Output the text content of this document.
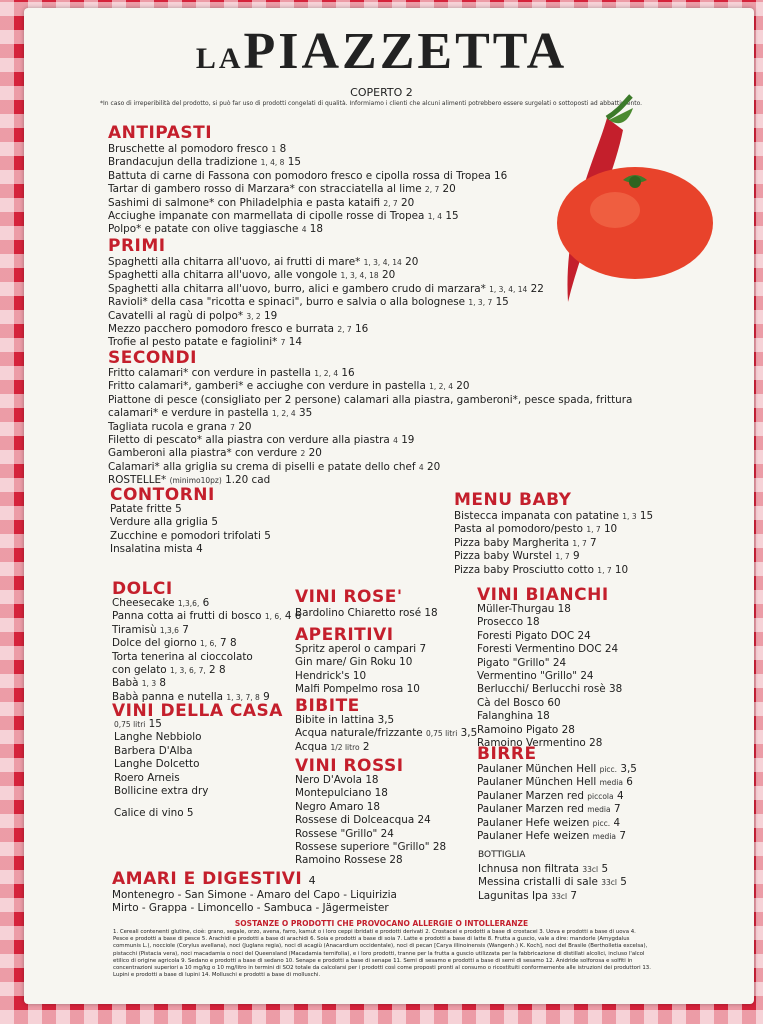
LAPIAZZETTA
COPERTO 2
*In caso di irreperibilità del prodotto, si può far uso di prodotti congelati di qualità. Informiamo i clienti che alcuni alimenti potrebbero essere surgelati o sottoposti ad abbattimento.
ANTIPASTI
Bruschette al pomodoro fresco 1 8
Brandacujun della tradizione 1, 4, 8 15
Battuta di carne di Fassona con pomodoro fresco e cipolla rossa di Tropea 16
Tartar di gambero rosso di Marzara* con stracciatella al lime 2, 7 20
Sashimi di salmone* con Philadelphia e pasta kataifi 2, 7 20
Acciughe impanate con marmellata di cipolle rosse di Tropea 1, 4 15
Polpo* e patate con olive taggiasche 4 18
PRIMI
Spaghetti alla chitarra all'uovo, ai frutti di mare* 1, 3, 4, 14 20
Spaghetti alla chitarra all'uovo, alle vongole 1, 3, 4, 18 20
Spaghetti alla chitarra all'uovo, burro, alici e gambero crudo di marzara* 1, 3, 4, 14 22
Ravioli* della casa "ricotta e spinaci", burro e salvia o alla bolognese 1, 3, 7 15
Cavatelli al ragù di polpo* 3, 2 19
Mezzo pacchero pomodoro fresco e burrata 2, 7 16
Trofie al pesto patate e fagiolini* 7 14
SECONDI
Fritto calamari* con verdure in pastella 1, 2, 4 16
Fritto calamari*, gamberi* e acciughe con verdure in pastella 1, 2, 4 20
Piattone di pesce (consigliato per 2 persone) calamari alla piastra, gamberoni*, pesce spada, frittura
calamari* e verdure in pastella 1, 2, 4 35
Tagliata rucola e grana 7 20
Filetto di pescato* alla piastra con verdure alla piastra 4 19
Gamberoni alla piastra* con verdure 2 20
Calamari* alla griglia su crema di piselli e patate dello chef 4 20
ROSTELLE* (minimo10pz) 1.20 cad
CONTORNI
Patate fritte 5
Verdure alla griglia 5
Zucchine e pomodori trifolati 5
Insalatina mista 4
MENU BABY
Bistecca impanata con patatine 1, 3 15
Pasta al pomodoro/pesto 1, 7 10
Pizza baby Margherita 1, 7 7
Pizza baby Wurstel 1, 7 9
Pizza baby Prosciutto cotto 1, 7 10
DOLCI
Cheesecake 1,3,6, 6
Panna cotta ai frutti di bosco 1, 6, 4 6
Tiramisù 1,3,6 7
Dolce del giorno 1, 6, 7 8
Torta tenerina al cioccolato
con gelato 1, 3, 6, 7, 2 8
Babà 1, 3 8
Babà panna e nutella 1, 3, 7, 8 9
VINI DELLA CASA
0,75 litri 15
Langhe Nebbiolo
Barbera D'Alba
Langhe Dolcetto
Roero Arneis
Bollicine extra dry
Calice di vino 5
VINI ROSE'
Bardolino Chiaretto rosé 18
APERITIVI
Spritz aperol o campari 7
Gin mare/ Gin Roku 10
Hendrick's 10
Malfi Pompelmo rosa 10
BIBITE
Bibite in lattina 3,5
Acqua naturale/frizzante 0,75 litri 3,5
Acqua 1/2 litro 2
VINI ROSSI
Nero D'Avola 18
Montepulciano 18
Negro Amaro 18
Rossese di Dolceacqua 24
Rossese "Grillo" 24
Rossese superiore "Grillo" 28
Ramoino Rossese 28
VINI BIANCHI
Müller-Thurgau 18
Prosecco 18
Foresti Pigato DOC 24
Foresti Vermentino DOC 24
Pigato "Grillo" 24
Vermentino "Grillo" 24
Berlucchi/ Berlucchi rosè 38
Cà del Bosco 60
Falanghina 18
Ramoino Pigato 28
Ramoino Vermentino 28
BIRRE
Paulaner München Hell picc. 3,5
Paulaner München Hell media 6
Paulaner Marzen red piccola 4
Paulaner Marzen red media 7
Paulaner Hefe weizen picc. 4
Paulaner Hefe weizen media 7
BOTTIGLIA
Ichnusa non filtrata 33cl 5
Messina cristalli di sale 33cl 5
Lagunitas Ipa 33cl 7
AMARI E DIGESTIVI 4
Montenegro - San Simone - Amaro del Capo - Liquirizia
Mirto - Grappa - Limoncello - Sambuca - Jägermeister
SOSTANZE O PRODOTTI CHE PROVOCANO ALLERGIE O INTOLLERANZE
1. Cereali contenenti glutine, cioè: grano, segale, orzo, avena, farro, kamut o i loro ceppi ibridati e prodotti derivati 2. Crostacei e prodotti a base di crostacei 3. Uova e prodotti a base di uova 4. Pesce e prodotti a base di pesce 5. Arachidi e prodotti a base di arachidi 6. Soia e prodotti a base di soia 7. Latte e prodotti a base di latte 8. Frutta a guscio, vale a dire: mandorle (Amygdalus communis L.), nocciole (Corylus avellana), noci (Juglans regia), noci di acagiù (Anacardium occidentale), noci di pecan [Carya illinoinensis (Wangenh.) K. Koch], noci del Brasile (Bertholletia excelsa), pistacchi (Pistacia vera), noci macadamia o noci del Queensland (Macadamia ternifolia), e i loro prodotti, tranne per la frutta a guscio utilizzata per la fabbricazione di distillati alcolici, incluso l'alcol etilico di origine agricola 9. Sedano e prodotti a base di sedano 10. Senape e prodotti a base di senape 11. Semi di sesamo e prodotti a base di semi di sesamo 12. Anidride solforosa e solfiti in concentrazioni superiori a 10 mg/kg o 10 mg/litro in termini di SO2 totale da calcolarsi per i prodotti così come proposti pronti al consumo o ricostituiti conformemente alle istruzioni dei produttori 13. Lupini e prodotti a base di lupini 14. Molluschi e prodotti a base di molluschi.
